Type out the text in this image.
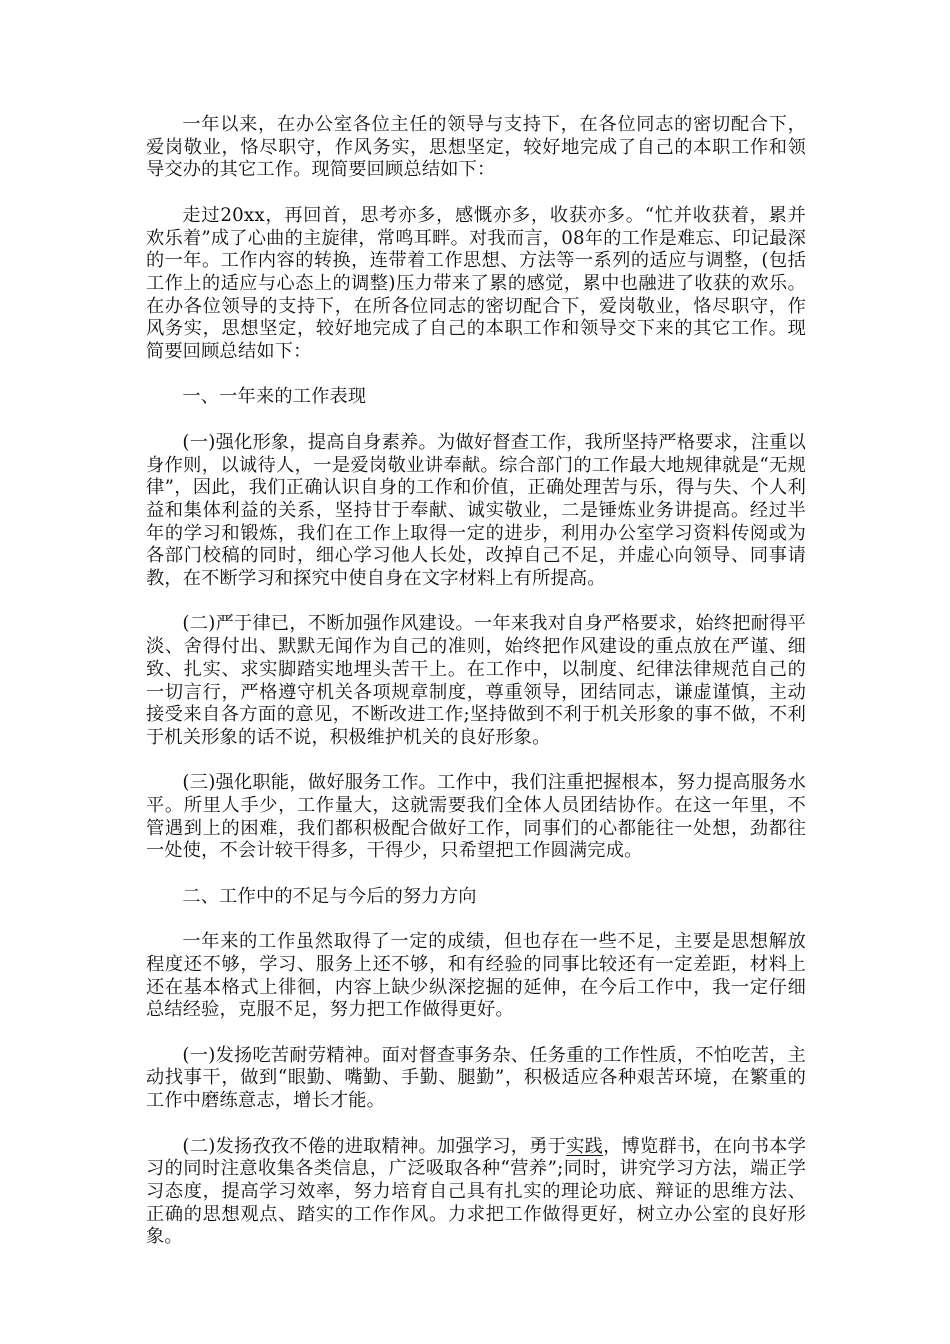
一年以来，在办公室各位主任的领导与支持下，在各位同志的密切配合下，爱岗敬业，恪尽职守，作风务实，思想坚定，较好地完成了自己的本职工作和领导交办的其它工作。现简要回顾总结如下：

走过20xx，再回首，思考亦多，感慨亦多，收获亦多。“忙并收获着，累并欢乐着”成了心曲的主旋律，常鸣耳畔。对我而言，08年的工作是难忘、印记最深的一年。工作内容的转换，连带着工作思想、方法等一系列的适应与调整，(包括工作上的适应与心态上的调整)压力带来了累的感觉，累中也融进了收获的欢乐。在办各位领导的支持下，在所各位同志的密切配合下，爱岗敬业，恪尽职守，作风务实，思想坚定，较好地完成了自己的本职工作和领导交下来的其它工作。现简要回顾总结如下：

一、一年来的工作表现

(一)强化形象，提高自身素养。为做好督查工作，我所坚持严格要求，注重以身作则，以诚待人，一是爱岗敬业讲奉献。综合部门的工作最大地规律就是“无规律”，因此，我们正确认识自身的工作和价值，正确处理苦与乐，得与失、个人利益和集体利益的关系，坚持甘于奉献、诚实敬业，二是锤炼业务讲提高。经过半年的学习和锻炼，我们在工作上取得一定的进步，利用办公室学习资料传阅或为各部门校稿的同时，细心学习他人长处，改掉自己不足，并虚心向领导、同事请教，在不断学习和探究中使自身在文字材料上有所提高。

(二)严于律已，不断加强作风建设。一年来我对自身严格要求，始终把耐得平淡、舍得付出、默默无闻作为自己的准则，始终把作风建设的重点放在严谨、细致、扎实、求实脚踏实地埋头苦干上。在工作中，以制度、纪律法律规范自己的一切言行，严格遵守机关各项规章制度，尊重领导，团结同志，谦虚谨慎，主动接受来自各方面的意见，不断改进工作;坚持做到不利于机关形象的事不做，不利于机关形象的话不说，积极维护机关的良好形象。

(三)强化职能，做好服务工作。工作中，我们注重把握根本，努力提高服务水平。所里人手少，工作量大，这就需要我们全体人员团结协作。在这一年里，不管遇到上的困难，我们都积极配合做好工作，同事们的心都能往一处想，劲都往一处使，不会计较干得多，干得少，只希望把工作圆满完成。

二、工作中的不足与今后的努力方向

一年来的工作虽然取得了一定的成绩，但也存在一些不足，主要是思想解放程度还不够，学习、服务上还不够，和有经验的同事比较还有一定差距，材料上还在基本格式上徘徊，内容上缺少纵深挖掘的延伸，在今后工作中，我一定仔细总结经验，克服不足，努力把工作做得更好。

(一)发扬吃苦耐劳精神。面对督查事务杂、任务重的工作性质，不怕吃苦，主动找事干，做到“眼勤、嘴勤、手勤、腿勤”，积极适应各种艰苦环境，在繁重的工作中磨练意志，增长才能。

(二)发扬孜孜不倦的进取精神。加强学习，勇于实践，博览群书，在向书本学习的同时注意收集各类信息，广泛吸取各种“营养”;同时，讲究学习方法，端正学习态度，提高学习效率，努力培育自己具有扎实的理论功底、辩证的思维方法、正确的思想观点、踏实的工作作风。力求把工作做得更好，树立办公室的良好形象。
